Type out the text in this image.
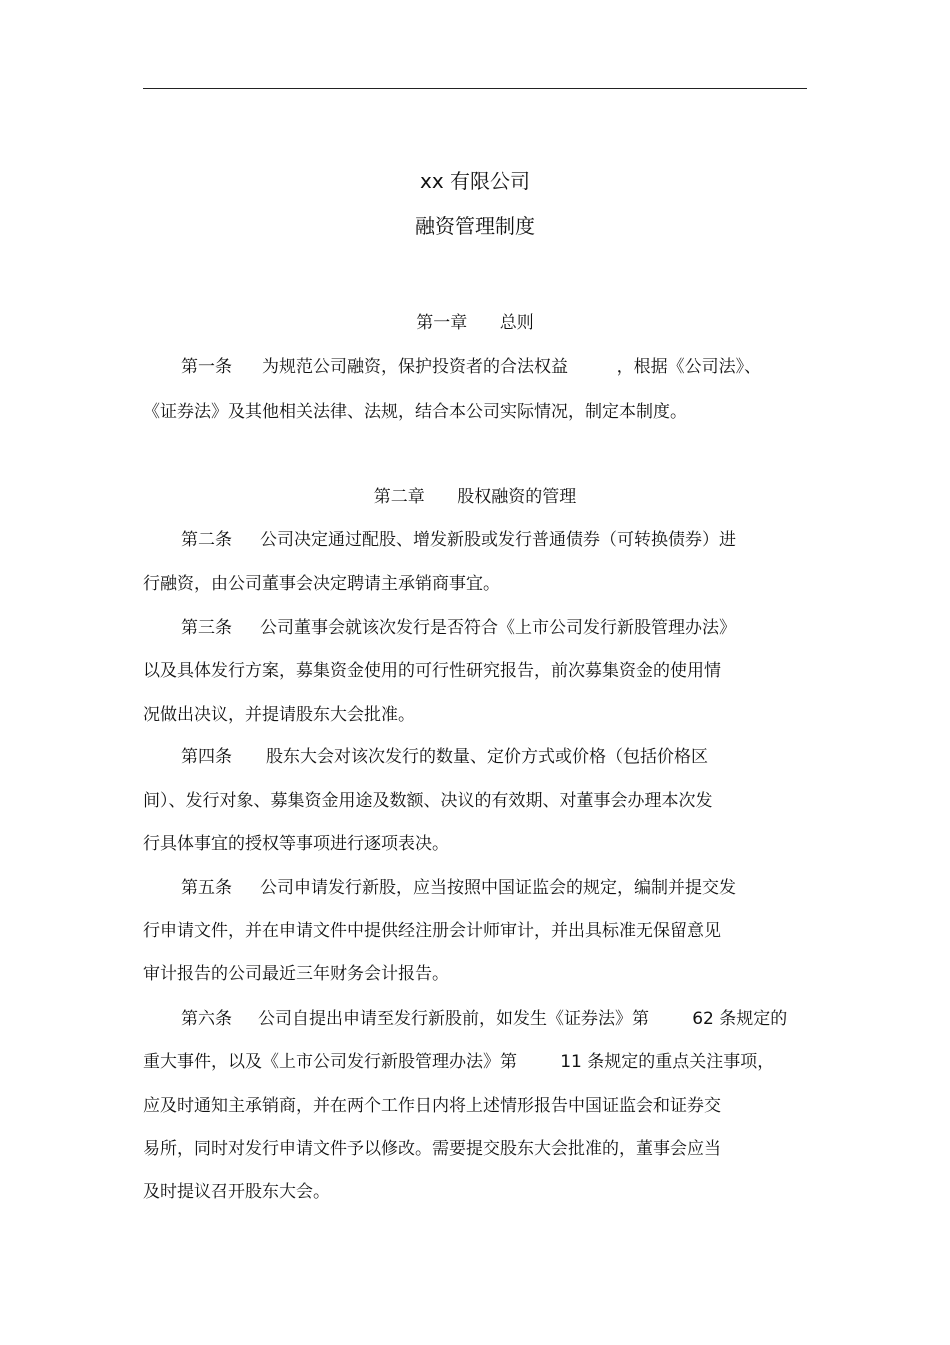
xx 有限公司
融资管理制度
第一章      总则
第一条 为规范公司融资，保护投资者的合法权益         ，根据《公司法》、
《证券法》及其他相关法律、法规，结合本公司实际情况，制定本制度。
第二章      股权融资的管理
第二条 公司决定通过配股、增发新股或发行普通债券（可转换债券）进
行融资，由公司董事会决定聘请主承销商事宜。
第三条 公司董事会就该次发行是否符合《上市公司发行新股管理办法》
以及具体发行方案，募集资金使用的可行性研究报告，前次募集资金的使用情
况做出决议，并提请股东大会批准。
第四条 股东大会对该次发行的数量、定价方式或价格（包括价格区
间）、发行对象、募集资金用途及数额、决议的有效期、对董事会办理本次发
行具体事宜的授权等事项进行逐项表决。
第五条 公司申请发行新股，应当按照中国证监会的规定，编制并提交发
行申请文件，并在申请文件中提供经注册会计师审计，并出具标准无保留意见
审计报告的公司最近三年财务会计报告。
第六条 公司自提出申请至发行新股前，如发生《证券法》第        62 条规定的
重大事件，以及《上市公司发行新股管理办法》第        11 条规定的重点关注事项，
应及时通知主承销商，并在两个工作日内将上述情形报告中国证监会和证券交
易所，同时对发行申请文件予以修改。需要提交股东大会批准的，董事会应当
及时提议召开股东大会。
